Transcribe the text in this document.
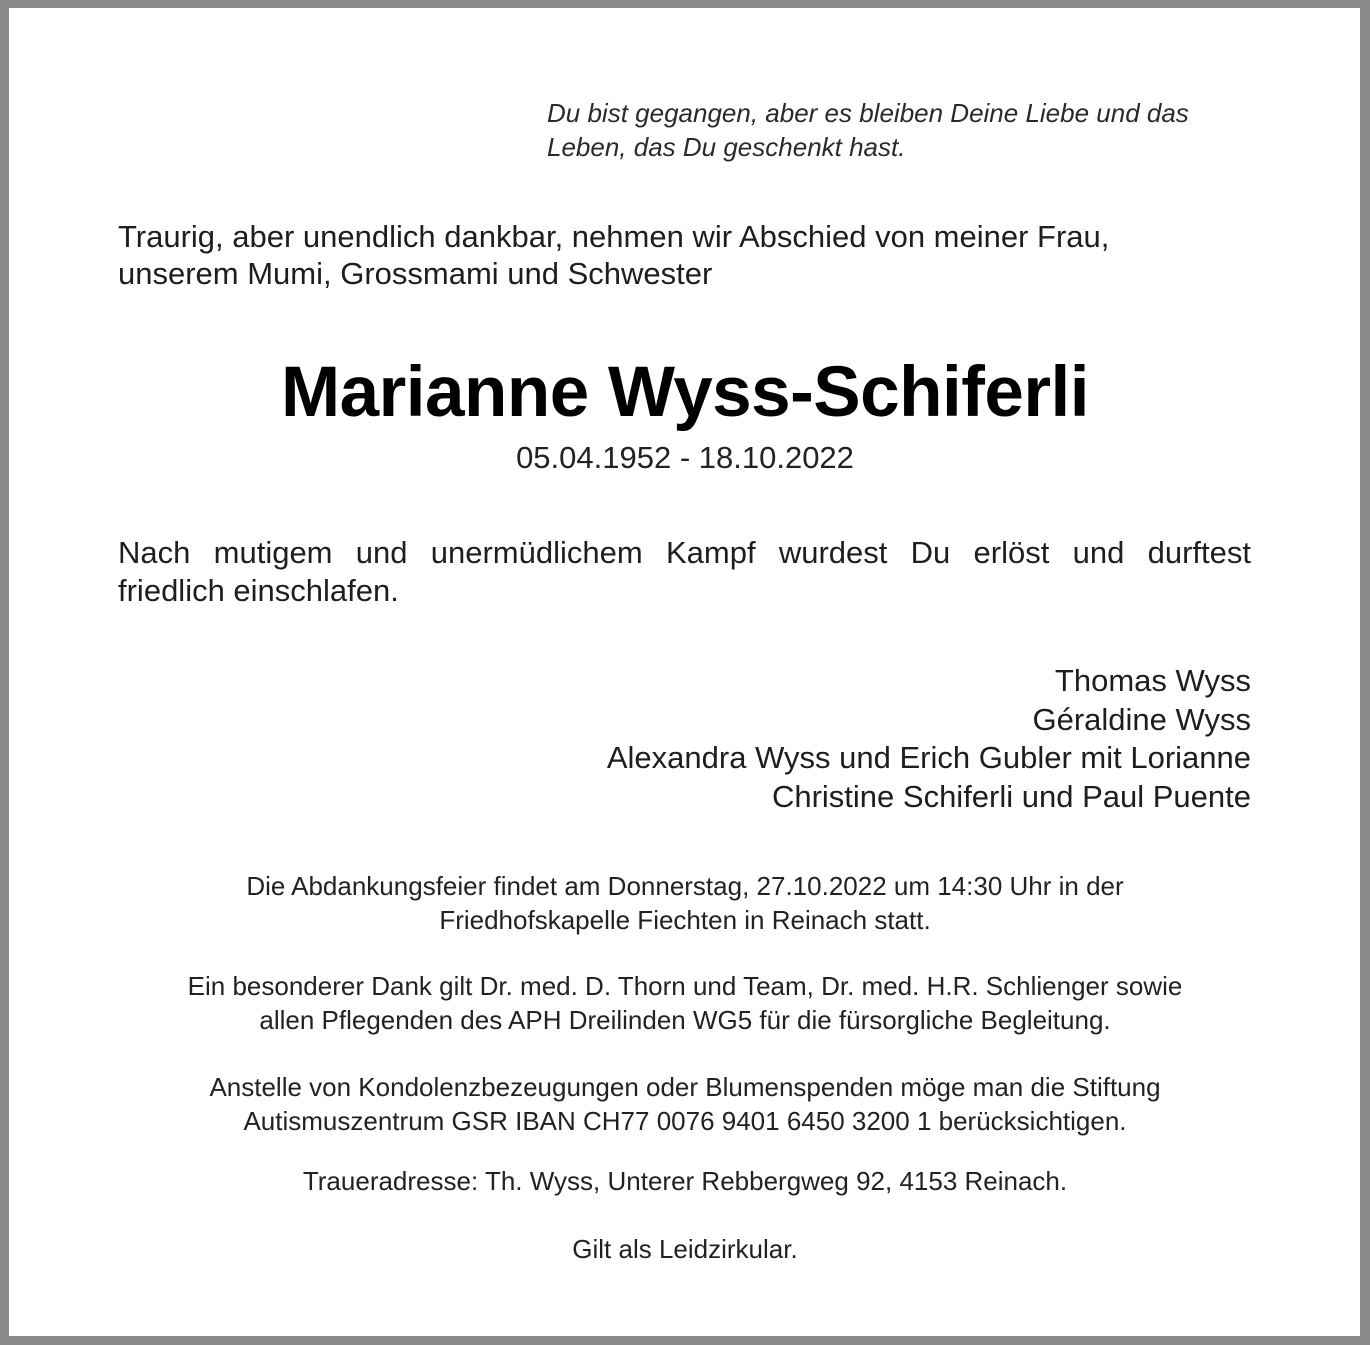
Du bist gegangen, aber es bleiben Deine Liebe und das
Leben, das Du geschenkt hast.

Traurig, aber unendlich dankbar, nehmen wir Abschied von meiner Frau,
unserem Mumi, Grossmami und Schwester

Marianne Wyss-Schiferli
05.04.1952 - 18.10.2022

Nach mutigem und unermüdlichem Kampf wurdest Du erlöst und durftest
friedlich einschlafen.

Thomas Wyss
Géraldine Wyss
Alexandra Wyss und Erich Gubler mit Lorianne
Christine Schiferli und Paul Puente

Die Abdankungsfeier findet am Donnerstag, 27.10.2022 um 14:30 Uhr in der
Friedhofskapelle Fiechten in Reinach statt.

Ein besonderer Dank gilt Dr. med. D. Thorn und Team, Dr. med. H.R. Schlienger sowie
allen Pflegenden des APH Dreilinden WG5 für die fürsorgliche Begleitung.

Anstelle von Kondolenzbezeugungen oder Blumenspenden möge man die Stiftung
Autismuszentrum GSR IBAN CH77 0076 9401 6450 3200 1 berücksichtigen.

Traueradresse: Th. Wyss, Unterer Rebbergweg 92, 4153 Reinach.

Gilt als Leidzirkular.
